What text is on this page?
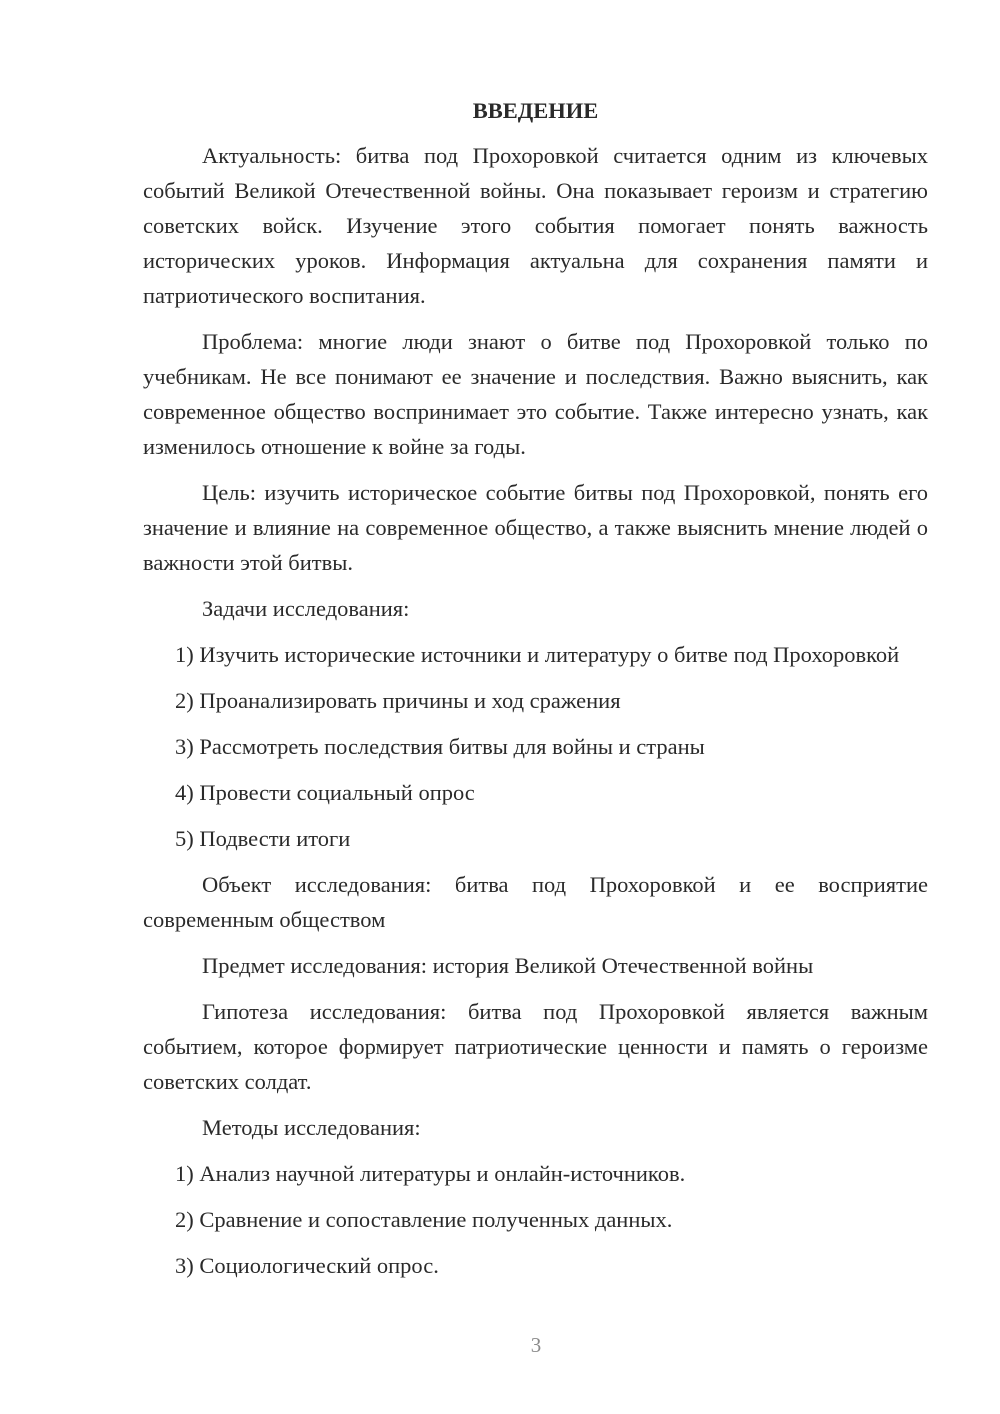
ВВЕДЕНИЕ

Актуальность: битва под Прохоровкой считается одним из ключевых событий Великой Отечественной войны. Она показывает героизм и стратегию советских войск. Изучение этого события помогает понять важность исторических уроков. Информация актуальна для сохранения памяти и патриотического воспитания.

Проблема: многие люди знают о битве под Прохоровкой только по учебникам. Не все понимают ее значение и последствия. Важно выяснить, как современное общество воспринимает это событие. Также интересно узнать, как изменилось отношение к войне за годы.

Цель: изучить историческое событие битвы под Прохоровкой, понять его значение и влияние на современное общество, а также выяснить мнение людей о важности этой битвы.

Задачи исследования:

1) Изучить исторические источники и литературу о битве под Прохоровкой

2) Проанализировать причины и ход сражения

3) Рассмотреть последствия битвы для войны и страны

4) Провести социальный опрос

5) Подвести итоги

Объект исследования: битва под Прохоровкой и ее восприятие современным обществом

Предмет исследования: история Великой Отечественной войны

Гипотеза исследования: битва под Прохоровкой является важным событием, которое формирует патриотические ценности и память о героизме советских солдат.

Методы исследования:

1) Анализ научной литературы и онлайн-источников.

2) Сравнение и сопоставление полученных данных.

3) Социологический опрос.

3
